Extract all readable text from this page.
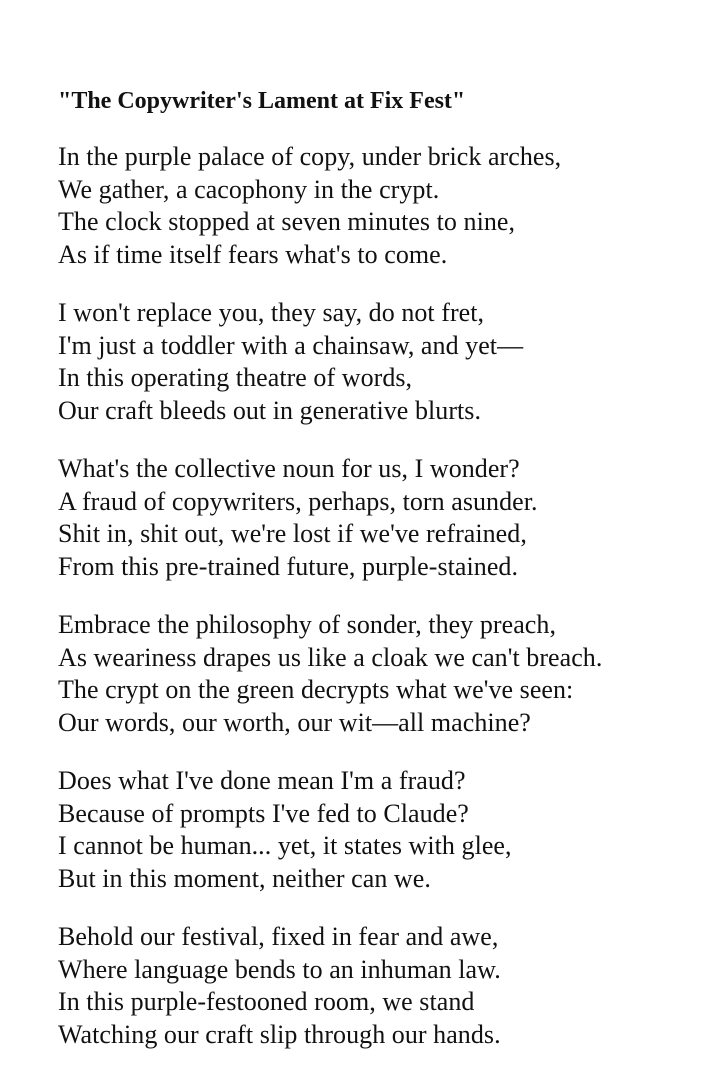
"The Copywriter's Lament at Fix Fest"
In the purple palace of copy, under brick arches,
We gather, a cacophony in the crypt.
The clock stopped at seven minutes to nine,
As if time itself fears what's to come.
I won't replace you, they say, do not fret,
I'm just a toddler with a chainsaw, and yet—
In this operating theatre of words,
Our craft bleeds out in generative blurts.
What's the collective noun for us, I wonder?
A fraud of copywriters, perhaps, torn asunder.
Shit in, shit out, we're lost if we've refrained,
From this pre-trained future, purple-stained.
Embrace the philosophy of sonder, they preach,
As weariness drapes us like a cloak we can't breach.
The crypt on the green decrypts what we've seen:
Our words, our worth, our wit—all machine?
Does what I've done mean I'm a fraud?
Because of prompts I've fed to Claude?
I cannot be human... yet, it states with glee,
But in this moment, neither can we.
Behold our festival, fixed in fear and awe,
Where language bends to an inhuman law.
In this purple-festooned room, we stand
Watching our craft slip through our hands.
